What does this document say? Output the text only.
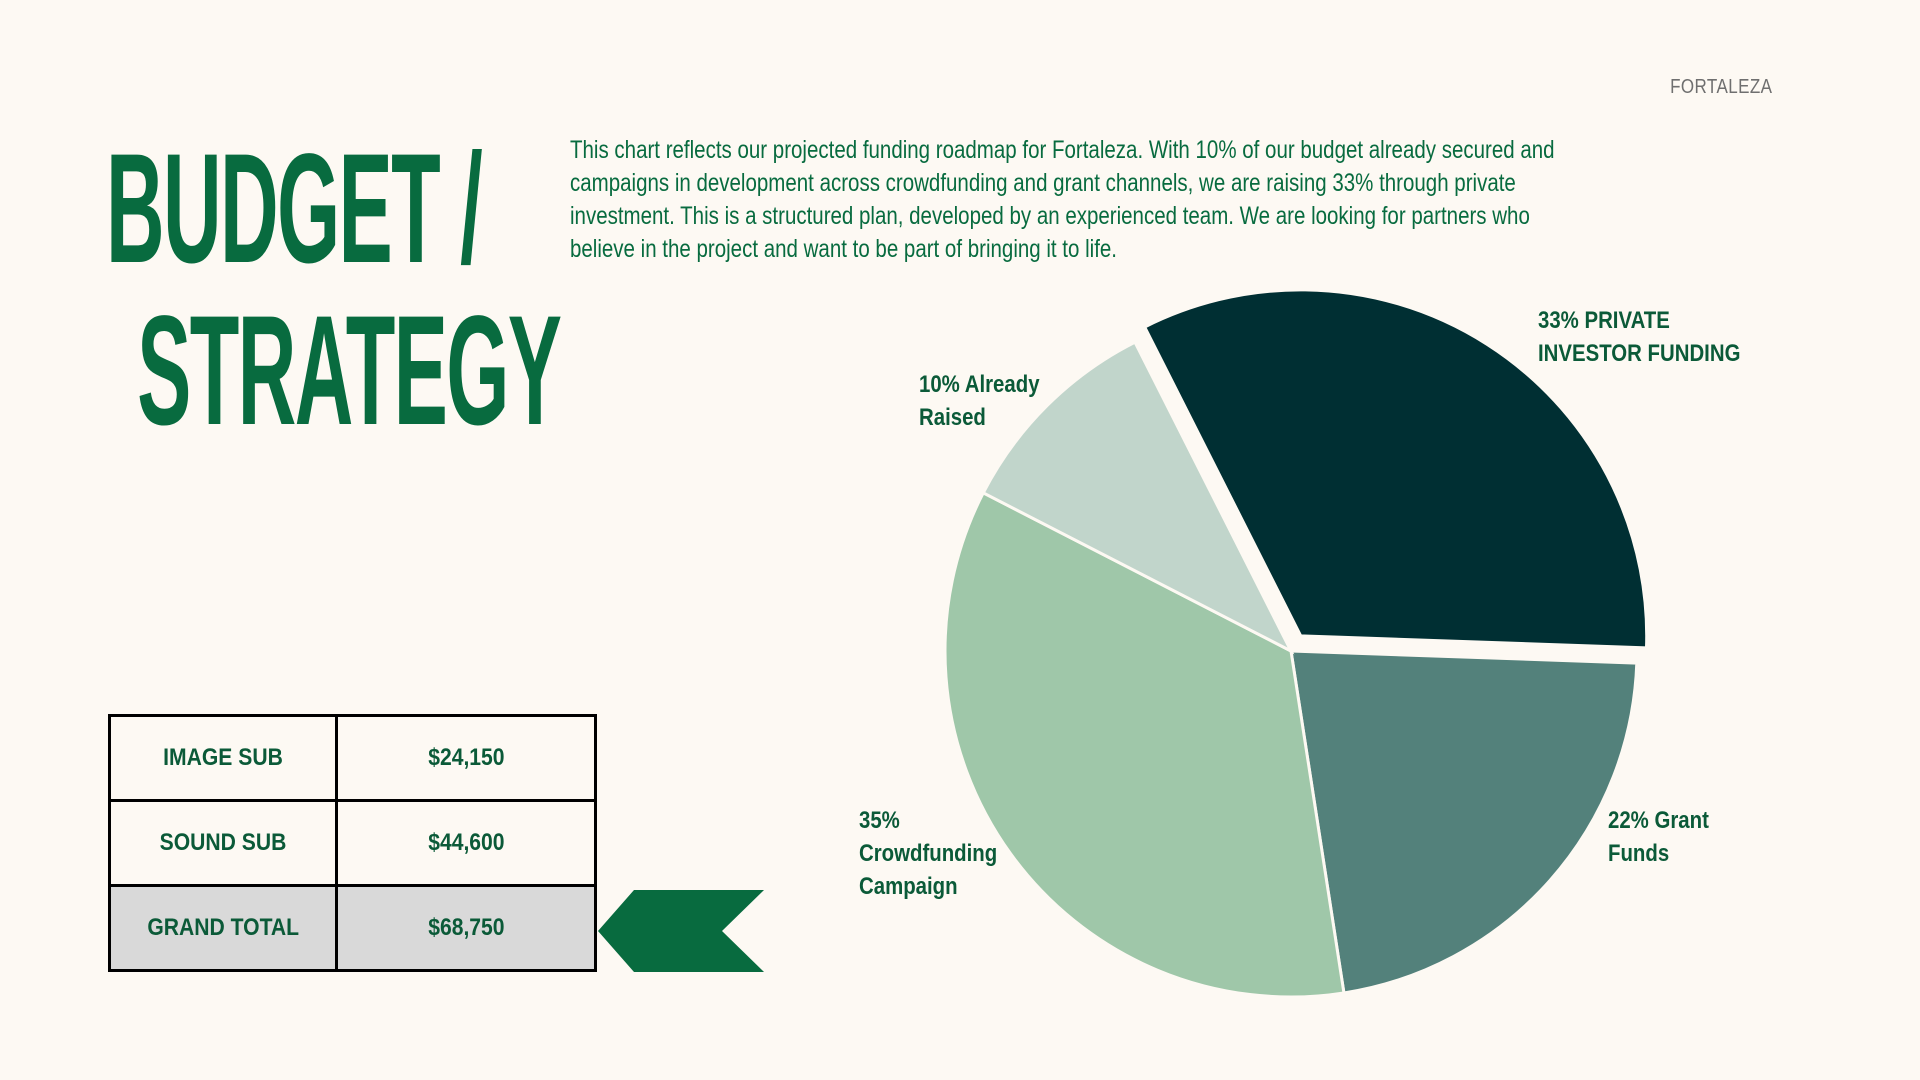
FORTALEZA
BUDGET /
STRATEGY

This chart reflects our projected funding roadmap for Fortaleza. With 10% of our budget already secured and campaigns in development across crowdfunding and grant channels, we are raising 33% through private investment. This is a structured plan, developed by an experienced team. We are looking for partners who believe in the project and want to be part of bringing it to life.

IMAGE SUB	$24,150
SOUND SUB	$44,600
GRAND TOTAL	$68,750
33% PRIVATE INVESTOR FUNDING
22% Grant Funds
35% Crowdfunding Campaign
10% Already Raised
